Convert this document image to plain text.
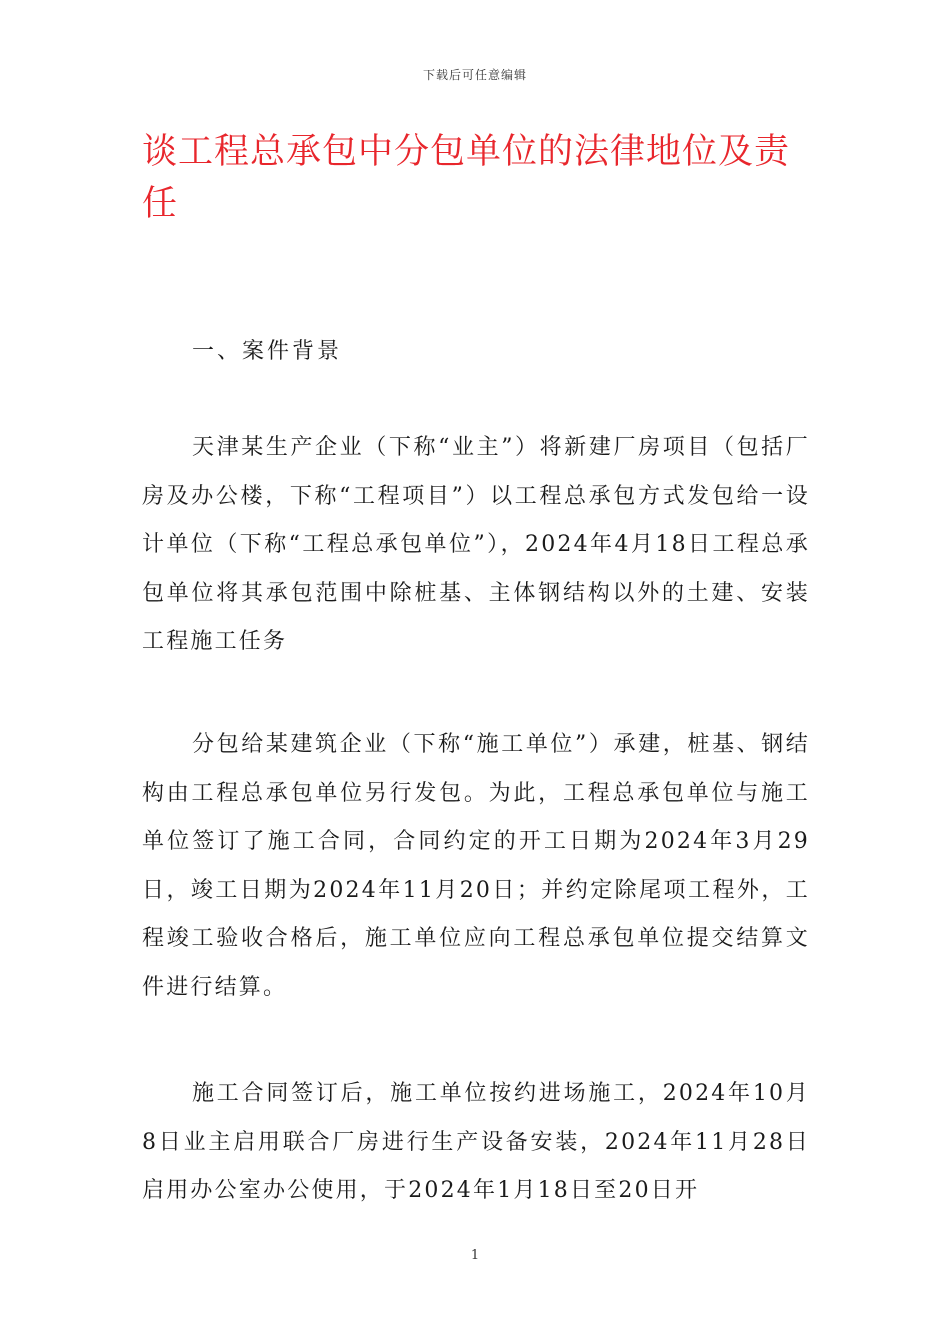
下载后可任意编辑
谈工程总承包中分包单位的法律地位及责任

一、案件背景

天津某生产企业（下称“业主”）将新建厂房项目（包括厂房及办公楼，下称“工程项目”）以工程总承包方式发包给一设计单位（下称“工程总承包单位”），2024年4月18日工程总承包单位将其承包范围中除桩基、主体钢结构以外的土建、安装工程施工任务

分包给某建筑企业（下称“施工单位”）承建，桩基、钢结构由工程总承包单位另行发包。为此，工程总承包单位与施工单位签订了施工合同，合同约定的开工日期为2024年3月29日，竣工日期为2024年11月20日；并约定除尾项工程外，工程竣工验收合格后，施工单位应向工程总承包单位提交结算文件进行结算。

施工合同签订后，施工单位按约进场施工，2024年10月8日业主启用联合厂房进行生产设备安装，2024年11月28日启用办公室办公使用，于2024年1月18日至20日开

1
